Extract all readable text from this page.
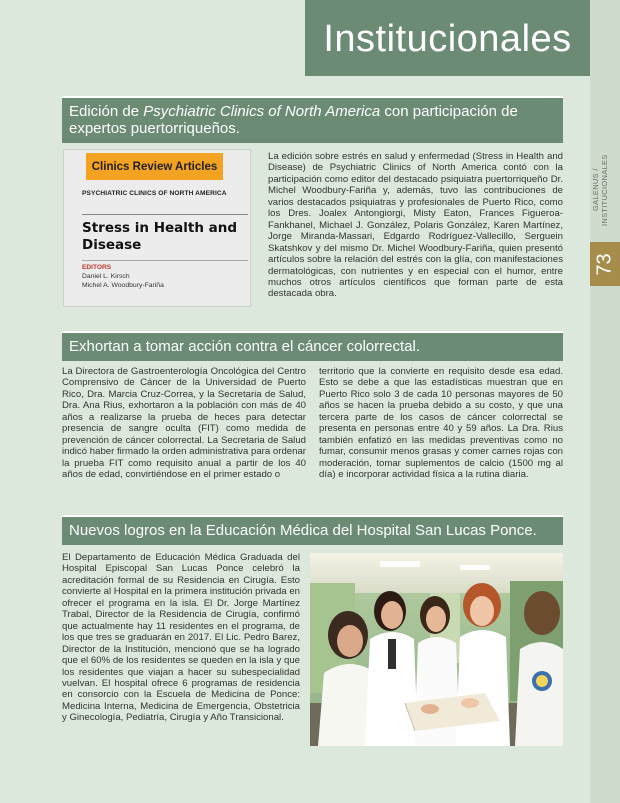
Institucionales
GALENUS / INSTITUCIONALES
73
Edición de Psychiatric Clinics of North America con participación de expertos puertorriqueños.
Clinics Review Articles
PSYCHIATRIC CLINICS OF NORTH AMERICA
Stress in Health and Disease
EDITORS
Daniel L. Kirsch
Michel A. Woodbury-Fariña
La edición sobre estrés en salud y enfermedad (Stress in Health and Disease) de Psychiatric Clinics of North America contó con la participación como editor del destacado psiquiatra puertorriqueño Dr. Michel Woodbury-Fariña y, además, tuvo las contribuciones de varios destacados psiquiatras y profesionales de Puerto Rico, como los Dres. Joalex Antongiorgi, Misty Eaton, Frances Figueroa-Fankhanel, Michael J. González, Polaris González, Karen Martínez, Jorge Miranda-Massari, Edgardo Rodríguez-Vallecillo, Serguein Skatshkov y del mismo Dr. Michel Woodbury-Fariña, quien presentó artículos sobre la relación del estrés con la glía, con manifestaciones dermatológicas, con nutrientes y en especial con el humor, entre muchos otros artículos científicos que forman parte de esta destacada obra.
Exhortan a tomar acción contra el cáncer colorrectal.
La Directora de Gastroenterología Oncológica del Centro Comprensivo de Cáncer de la Universidad de Puerto Rico, Dra. Marcia Cruz-Correa, y la Secretaria de Salud, Dra. Ana Rius, exhortaron a la población con más de 40 años a realizarse la prueba de heces para detectar presencia de sangre oculta (FIT) como medida de prevención de cáncer colorrectal. La Secretaria de Salud indicó haber firmado la orden administrativa para ordenar la prueba FIT como requisito anual a partir de los 40 años de edad, convirtiéndose en el primer estado o
territorio que la convierte en requisito desde esa edad. Esto se debe a que las estadísticas muestran que en Puerto Rico solo 3 de cada 10 personas mayores de 50 años se hacen la prueba debido a su costo, y que una tercera parte de los casos de cáncer colorrectal se presenta en personas entre 40 y 59 años. La Dra. Rius también enfatizó en las medidas preventivas como no fumar, consumir menos grasas y comer carnes rojas con moderación, tomar suplementos de calcio (1500 mg al día) e incorporar actividad física a la rutina diaria.
Nuevos logros en la Educación Médica del Hospital San Lucas Ponce.
El Departamento de Educación Médica Graduada del Hospital Episcopal San Lucas Ponce celebró la acreditación formal de su Residencia en Cirugía. Esto convierte al Hospital en la primera institución privada en ofrecer el programa en la isla. El Dr. Jorge Martínez Trabal, Director de la Residencia de Cirugía, confirmó que actualmente hay 11 residentes en el programa, de los que tres se graduarán en 2017. El Lic. Pedro Barez, Director de la Institución, mencionó que se ha logrado que el 60% de los residentes se queden en la isla y que los residentes que viajan a hacer su subespecialidad vuelvan. El hospital ofrece 6 programas de residencia en consorcio con la Escuela de Medicina de Ponce: Medicina Interna, Medicina de Emergencia, Obstetricia y Ginecología, Pediatría, Cirugía y Año Transicional.
